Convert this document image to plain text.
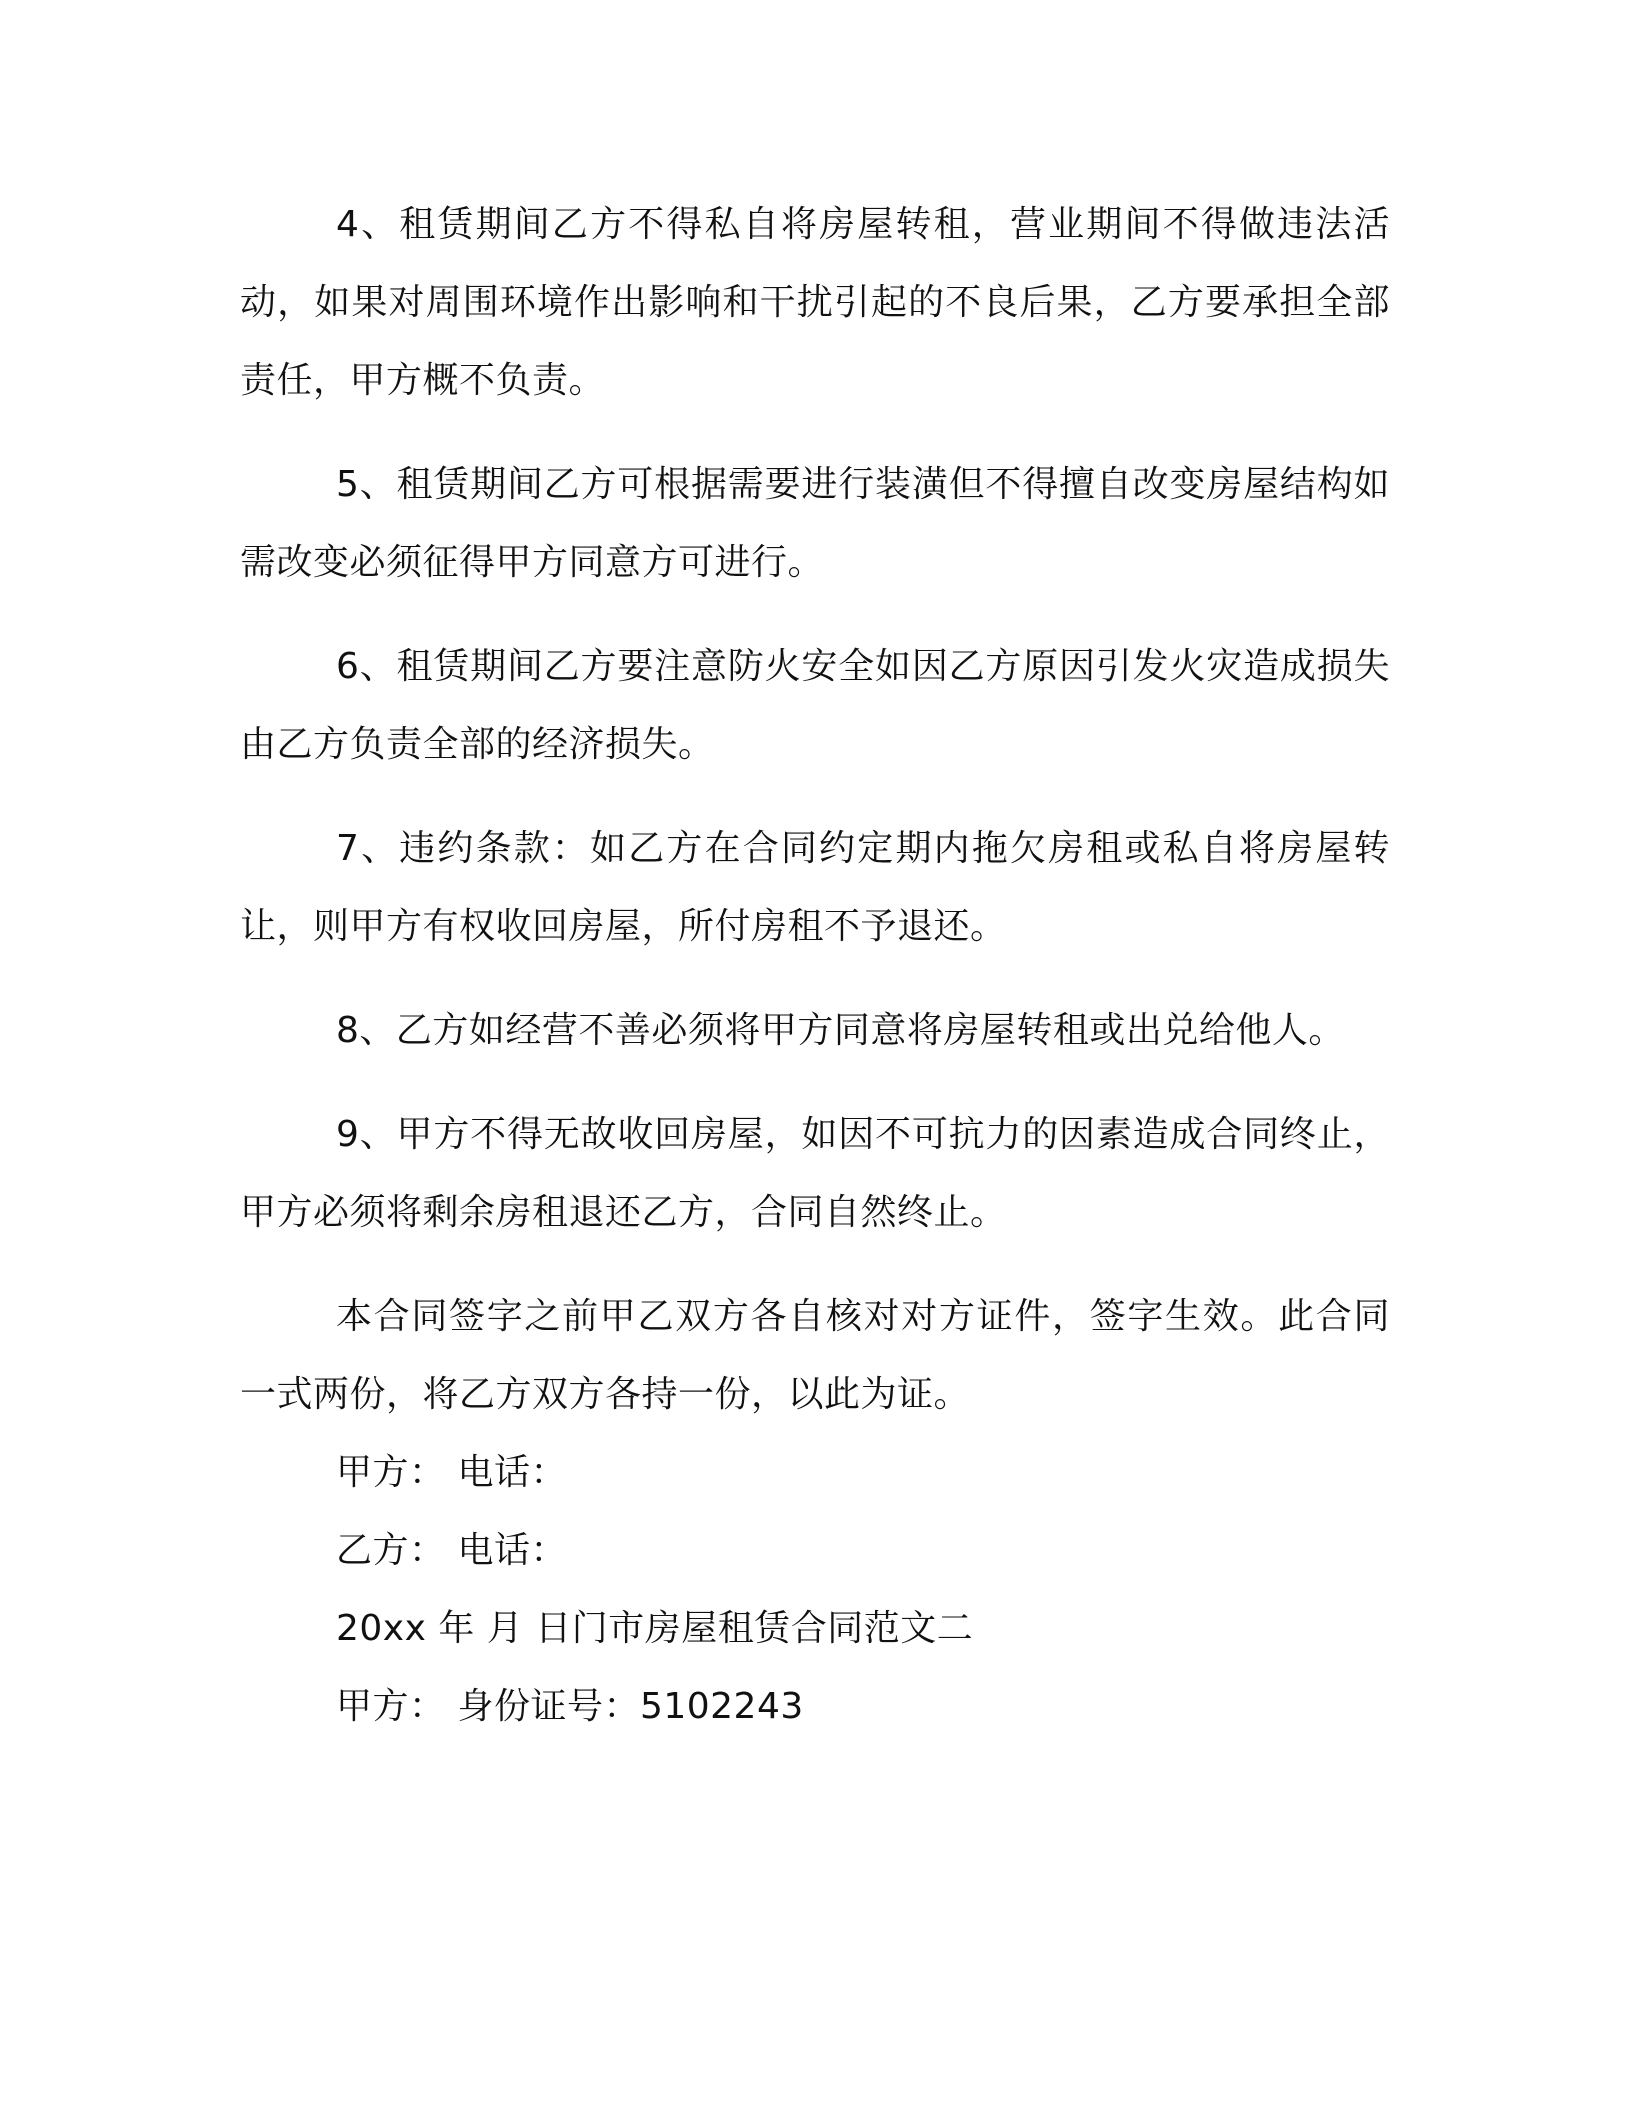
4、租赁期间乙方不得私自将房屋转租，营业期间不得做违法活动，如果对周围环境作出影响和干扰引起的不良后果，乙方要承担全部责任，甲方概不负责。

5、租赁期间乙方可根据需要进行装潢但不得擅自改变房屋结构如需改变必须征得甲方同意方可进行。

6、租赁期间乙方要注意防火安全如因乙方原因引发火灾造成损失由乙方负责全部的经济损失。

7、违约条款：如乙方在合同约定期内拖欠房租或私自将房屋转让，则甲方有权收回房屋，所付房租不予退还。

8、乙方如经营不善必须将甲方同意将房屋转租或出兑给他人。

9、甲方不得无故收回房屋，如因不可抗力的因素造成合同终止，甲方必须将剩余房租退还乙方，合同自然终止。

本合同签字之前甲乙双方各自核对对方证件，签字生效。此合同一式两份，将乙方双方各持一份，以此为证。

甲方： 电话：

乙方： 电话：

20xx 年 月 日门市房屋租赁合同范文二

甲方： 身份证号：5102243
